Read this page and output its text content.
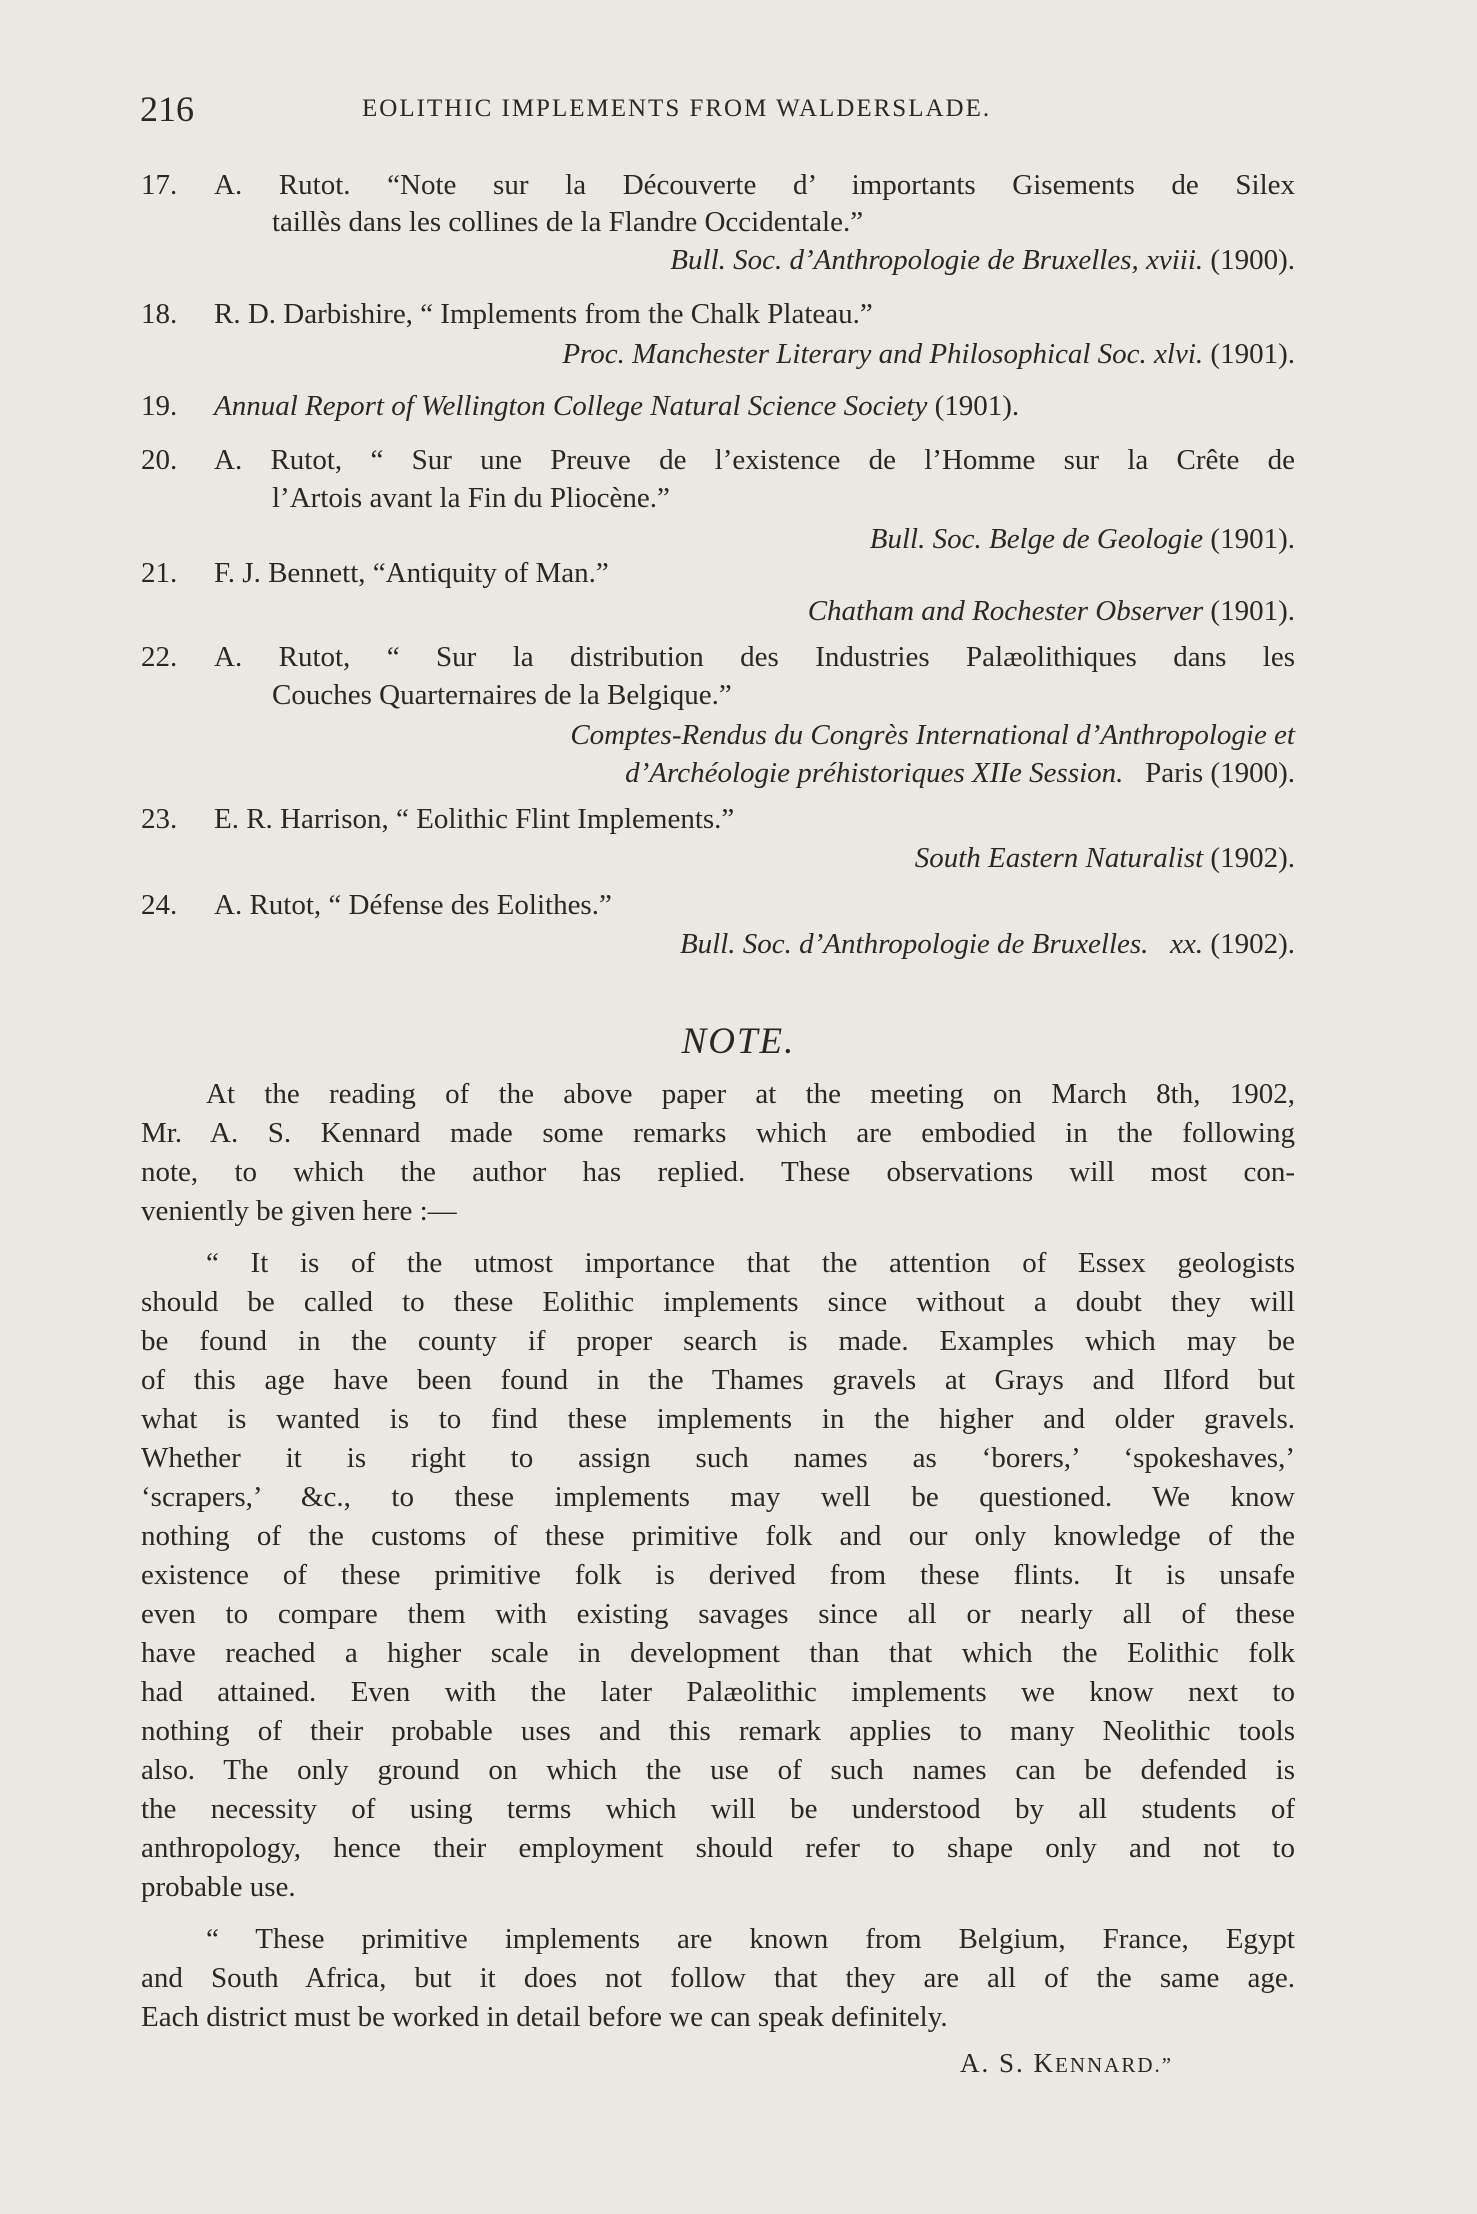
216	EOLITHIC IMPLEMENTS FROM WALDERSLADE.
17. A. Rutot. “Note sur la Découverte d’ importants Gisements de Silex
taillès dans les collines de la Flandre Occidentale.”
Bull. Soc. d’Anthropologie de Bruxelles, xviii. (1900).
18. R. D. Darbishire, “ Implements from the Chalk Plateau.”
Proc. Manchester Literary and Philosophical Soc. xlvi. (1901).
19. Annual Report of Wellington College Natural Science Society (1901).
20. A. Rutot, “ Sur une Preuve de l’existence de l’Homme sur la Crête de
l’Artois avant la Fin du Pliocène.”
Bull. Soc. Belge de Geologie (1901).
21. F. J. Bennett, “Antiquity of Man.”
Chatham and Rochester Observer (1901).
22. A. Rutot, “ Sur la distribution des Industries Palæolithiques dans les
Couches Quarternaires de la Belgique.”
Comptes-Rendus du Congrès International d’Anthropologie et
d’Archéologie préhistoriques XIIe Session. Paris (1900).
23. E. R. Harrison, “ Eolithic Flint Implements.”
South Eastern Naturalist (1902).
24. A. Rutot, “ Défense des Eolithes.”
Bull. Soc. d’Anthropologie de Bruxelles. xx. (1902).
NOTE.
At the reading of the above paper at the meeting on March 8th, 1902,
Mr. A. S. Kennard made some remarks which are embodied in the following
note, to which the author has replied. These observations will most con-
veniently be given here :—
“ It is of the utmost importance that the attention of Essex geologists
should be called to these Eolithic implements since without a doubt they will
be found in the county if proper search is made. Examples which may be
of this age have been found in the Thames gravels at Grays and Ilford but
what is wanted is to find these implements in the higher and older gravels.
Whether it is right to assign such names as ‘borers,’ ‘spokeshaves,’
‘scrapers,’ &c., to these implements may well be questioned. We know
nothing of the customs of these primitive folk and our only knowledge of the
existence of these primitive folk is derived from these flints. It is unsafe
even to compare them with existing savages since all or nearly all of these
have reached a higher scale in development than that which the Eolithic folk
had attained. Even with the later Palæolithic implements we know next to
nothing of their probable uses and this remark applies to many Neolithic tools
also. The only ground on which the use of such names can be defended is
the necessity of using terms which will be understood by all students of
anthropology, hence their employment should refer to shape only and not to
probable use.
“ These primitive implements are known from Belgium, France, Egypt
and South Africa, but it does not follow that they are all of the same age.
Each district must be worked in detail before we can speak definitely.
A. S. KENNARD.”
